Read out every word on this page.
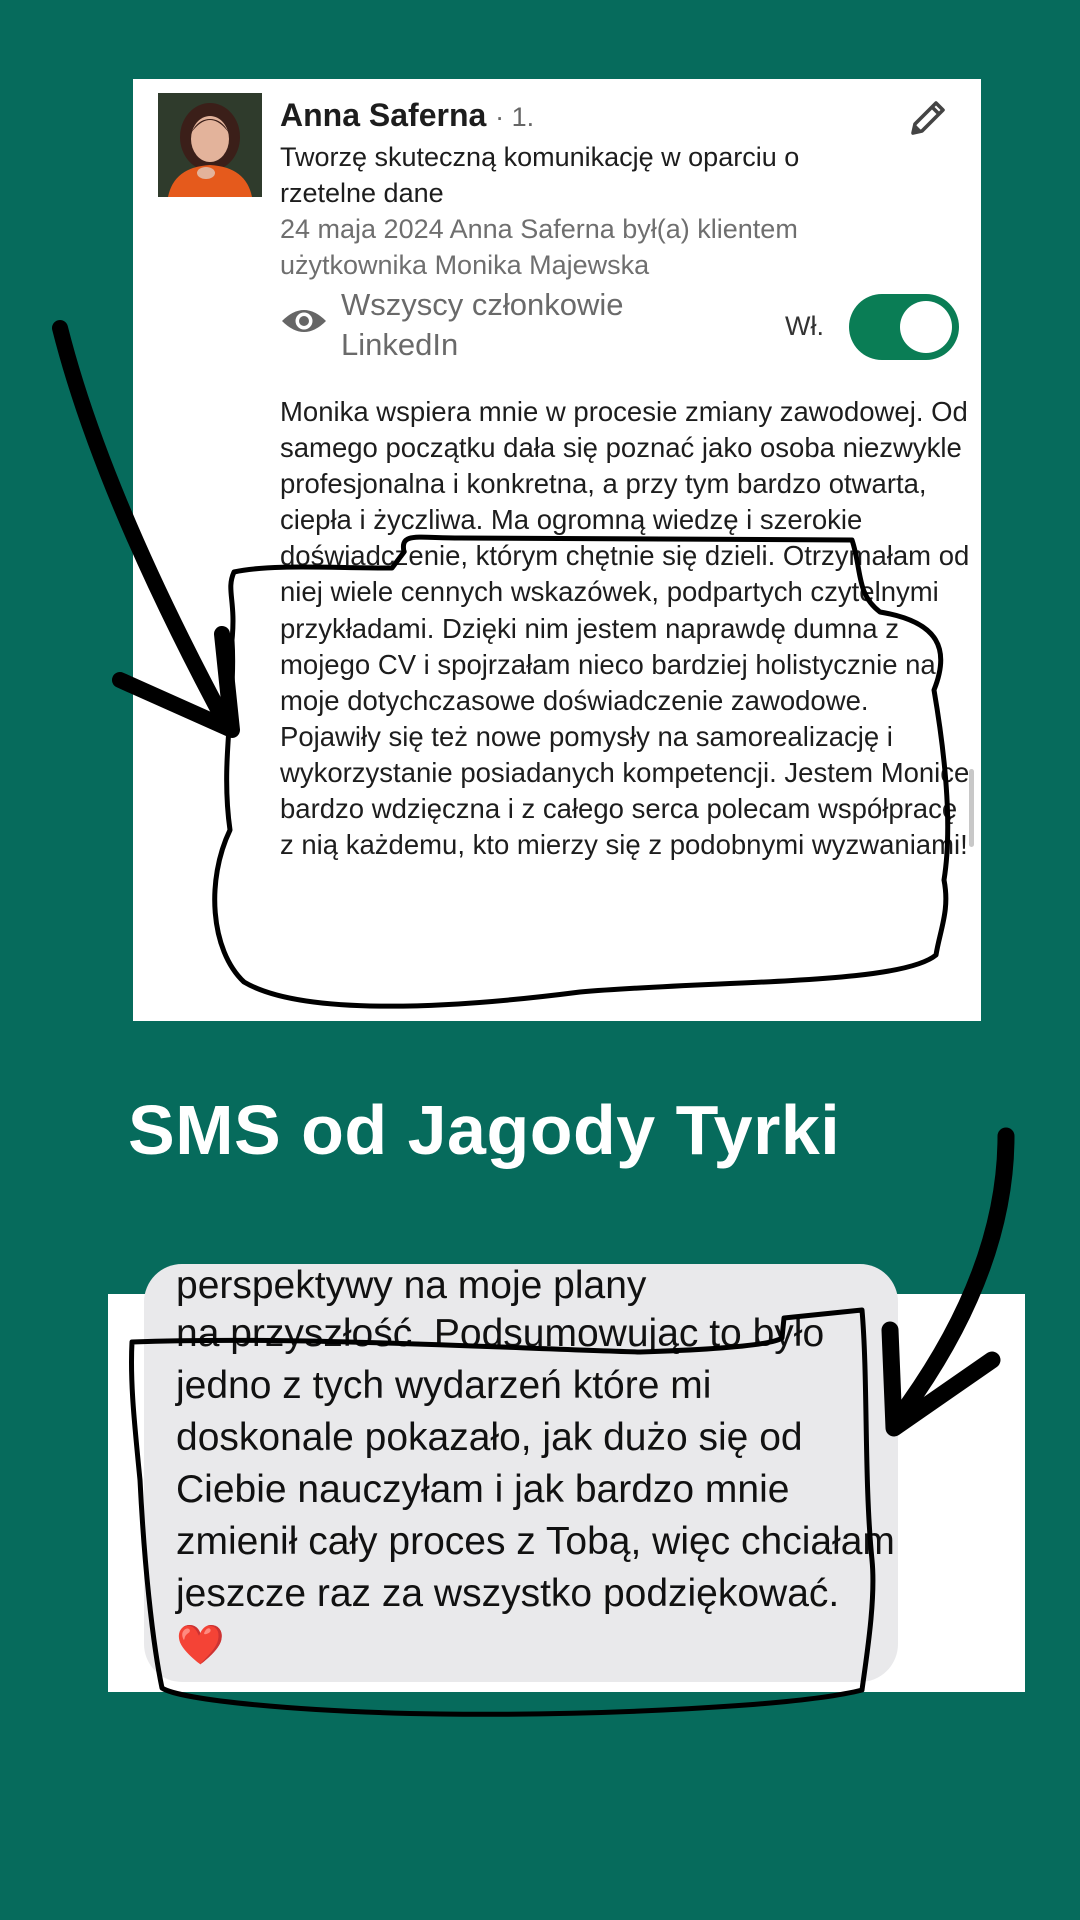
Anna Saferna · 1.
Tworzę skuteczną komunikację w oparciu o rzetelne dane
24 maja 2024 Anna Saferna był(a) klientem użytkownika Monika Majewska
Wszyscy członkowie LinkedIn
Wł.
Monika wspiera mnie w procesie zmiany zawodowej. Od samego początku dała się poznać jako osoba niezwykle profesjonalna i konkretna, a przy tym bardzo otwarta, ciepła i życzliwa. Ma ogromną wiedzę i szerokie doświadczenie, którym chętnie się dzieli. Otrzymałam od niej wiele cennych wskazówek, podpartych czytelnymi przykładami. Dzięki nim jestem naprawdę dumna z mojego CV i spojrzałam nieco bardziej holistycznie na moje dotychczasowe doświadczenie zawodowe. Pojawiły się też nowe pomysły na samorealizację i wykorzystanie posiadanych kompetencji. Jestem Monice bardzo wdzięczna i z całego serca polecam współpracę z nią każdemu, kto mierzy się z podobnymi wyzwaniami!
SMS od Jagody Tyrki
perspektywy na moje plany
na przyszłość. Podsumowując to było jedno z tych wydarzeń które mi doskonale pokazało, jak dużo się od Ciebie nauczyłam i jak bardzo mnie zmienił cały proces z Tobą, więc chciałam jeszcze raz za wszystko podziękować. ❤️
